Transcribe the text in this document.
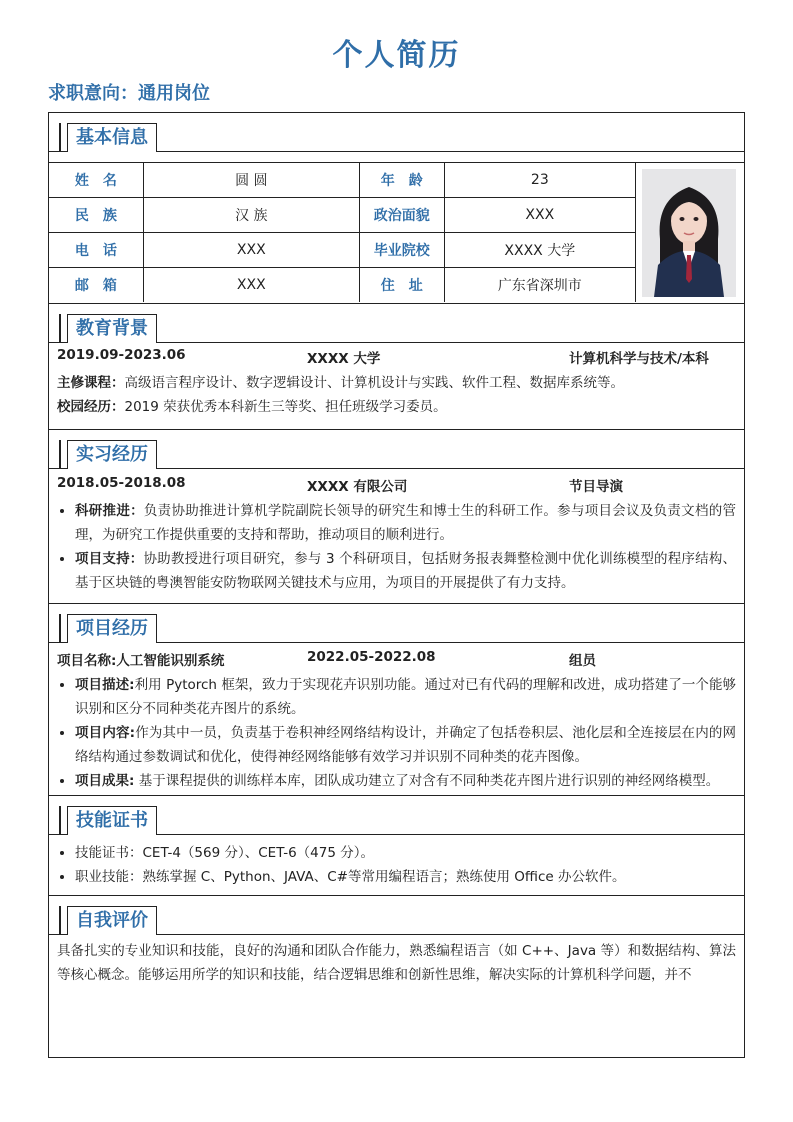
个人简历
求职意向：通用岗位
基本信息
姓　名	圆 圆	年　龄	23
民　族	汉 族	政治面貌	XXX
电　话	XXX	毕业院校	XXXX 大学
邮　箱	XXX	住　址	广东省深圳市
教育背景
2019.09-2023.06	XXXX 大学	计算机科学与技术/本科
主修课程：高级语言程序设计、数字逻辑设计、计算机设计与实践、软件工程、数据库系统等。
校园经历：2019 荣获优秀本科新生三等奖、担任班级学习委员。
实习经历
2018.05-2018.08	XXXX 有限公司	节目导演
• 科研推进：负责协助推进计算机学院副院长领导的研究生和博士生的科研工作。参与项目会议及负责文档的管理，为研究工作提供重要的支持和帮助，推动项目的顺利进行。
• 项目支持：协助教授进行项目研究，参与 3 个科研项目，包括财务报表舞整检测中优化训练模型的程序结构、基于区块链的粤澳智能安防物联网关键技术与应用，为项目的开展提供了有力支持。
项目经历
项目名称:人工智能识别系统	2022.05-2022.08	组员
• 项目描述:利用 Pytorch 框架，致力于实现花卉识别功能。通过对已有代码的理解和改进，成功搭建了一个能够识别和区分不同种类花卉图片的系统。
• 项目内容:作为其中一员，负责基于卷积神经网络结构设计，并确定了包括卷积层、池化层和全连接层在内的网络结构通过参数调试和优化，使得神经网络能够有效学习并识别不同种类的花卉图像。
• 项目成果: 基于课程提供的训练样本库，团队成功建立了对含有不同种类花卉图片进行识别的神经网络模型。
技能证书
• 技能证书：CET-4（569 分）、CET-6（475 分）。
• 职业技能：熟练掌握 C、Python、JAVA、C#等常用编程语言；熟练使用 Office 办公软件。
自我评价
具备扎实的专业知识和技能，良好的沟通和团队合作能力，熟悉编程语言（如 C++、Java 等）和数据结构、算法等核心概念。能够运用所学的知识和技能，结合逻辑思维和创新性思维，解决实际的计算机科学问题，并不
